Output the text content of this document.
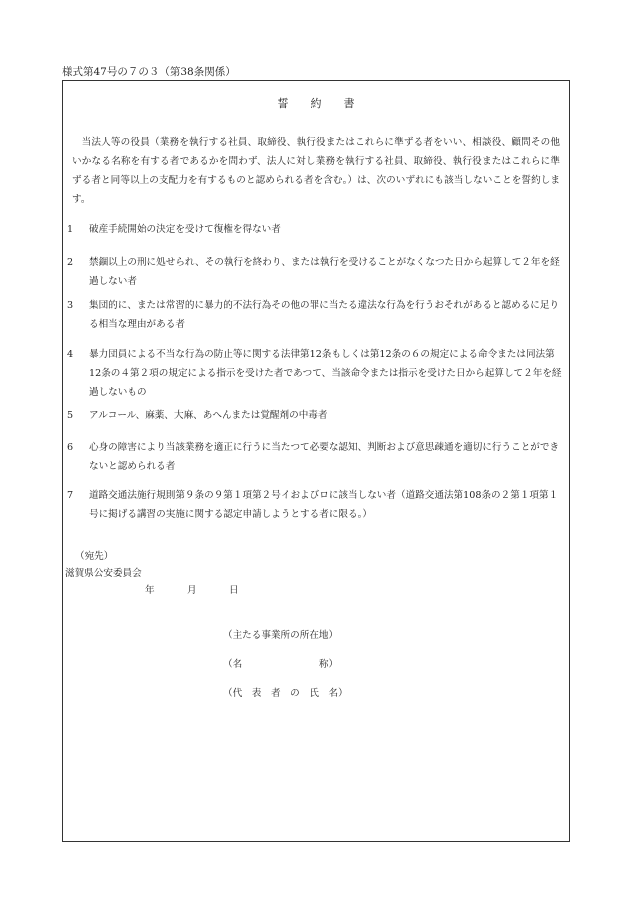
様式第47号の７の３（第38条関係）
誓　　約　　書

当法人等の役員（業務を執行する社員、取締役、執行役またはこれらに準ずる者をいい、相談役、顧問その他いかなる名称を有する者であるかを問わず、法人に対し業務を執行する社員、取締役、執行役またはこれらに準ずる者と同等以上の支配力を有するものと認められる者を含む。）は、次のいずれにも該当しないことを誓約します。

1	破産手続開始の決定を受けて復権を得ない者
2	禁錮以上の刑に処せられ、その執行を終わり、または執行を受けることがなくなつた日から起算して２年を経過しない者
3	集団的に、または常習的に暴力的不法行為その他の罪に当たる違法な行為を行うおそれがあると認めるに足りる相当な理由がある者
4	暴力団員による不当な行為の防止等に関する法律第12条もしくは第12条の６の規定による命令または同法第12条の４第２項の規定による指示を受けた者であつて、当該命令または指示を受けた日から起算して２年を経過しないもの
5	アルコール、麻薬、大麻、あへんまたは覚醒剤の中毒者
6	心身の障害により当該業務を適正に行うに当たつて必要な認知、判断および意思疎通を適切に行うことができないと認められる者
7	道路交通法施行規則第９条の９第１項第２号イおよびロに該当しない者（道路交通法第108条の２第１項第１号に掲げる講習の実施に関する認定申請しようとする者に限る。）
（宛先）
滋賀県公安委員会
年	月	日
（主たる事業所の所在地）
（名　　　　　　　　称）
（代　表　者　の　氏　名）
